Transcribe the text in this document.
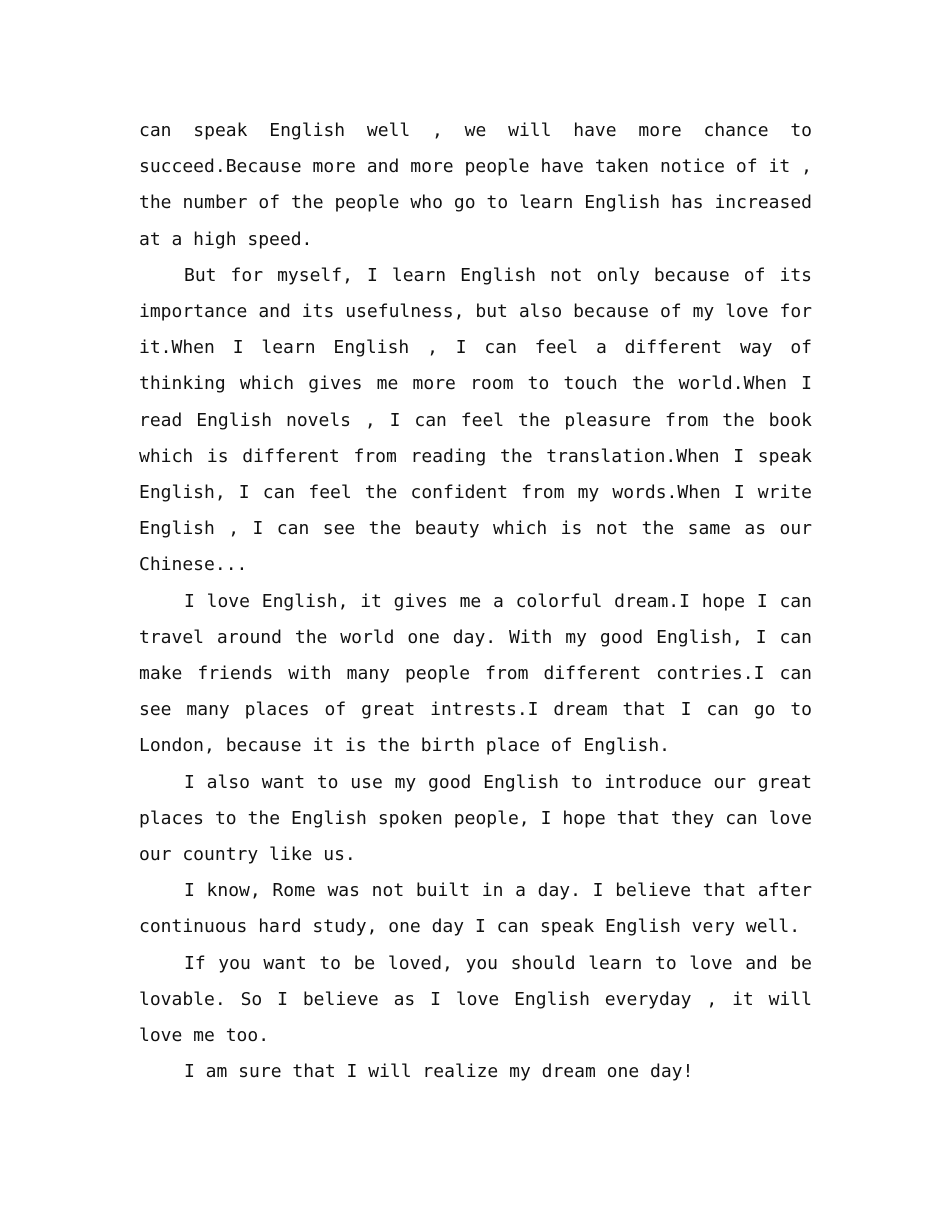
can speak English well , we will have more chance to succeed.Because more and more people have taken notice of it , the number of the people who go to learn English has increased at a high speed.

But for myself, I learn English not only because of its importance and its usefulness, but also because of my love for it.When I learn English , I can feel a different way of thinking which gives me more room to touch the world.When I read English novels , I can feel the pleasure from the book which is different from reading the translation.When I speak English, I can feel the confident from my words.When I write English , I can see the beauty which is not the same as our Chinese...

I love English, it gives me a colorful dream.I hope I can travel around the world one day. With my good English, I can make friends with many people from different contries.I can see many places of great intrests.I dream that I can go to London, because it is the birth place of English.

I also want to use my good English to introduce our great places to the English spoken people, I hope that they can love our country like us.

I know, Rome was not built in a day. I believe that after continuous hard study, one day I can speak English very well.

If you want to be loved, you should learn to love and be lovable. So I believe as I love English everyday , it will love me too.

I am sure that I will realize my dream one day!
